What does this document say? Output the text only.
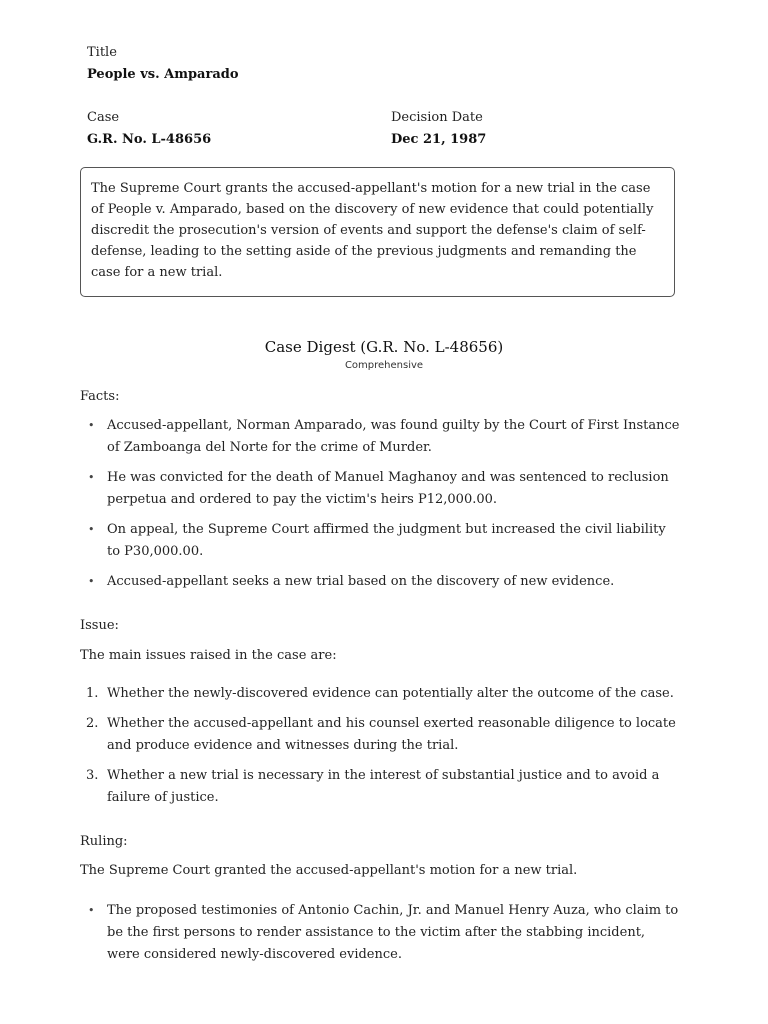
Title
People vs. Amparado
Case
G.R. No. L-48656
Decision Date
Dec 21, 1987
The Supreme Court grants the accused-appellant's motion for a new trial in the case of People v. Amparado, based on the discovery of new evidence that could potentially discredit the prosecution's version of events and support the defense's claim of self-defense, leading to the setting aside of the previous judgments and remanding the case for a new trial.
Case Digest (G.R. No. L-48656)
Comprehensive
Facts:
• Accused-appellant, Norman Amparado, was found guilty by the Court of First Instance of Zamboanga del Norte for the crime of Murder.
• He was convicted for the death of Manuel Maghanoy and was sentenced to reclusion perpetua and ordered to pay the victim's heirs P12,000.00.
• On appeal, the Supreme Court affirmed the judgment but increased the civil liability to P30,000.00.
• Accused-appellant seeks a new trial based on the discovery of new evidence.
Issue:
The main issues raised in the case are:
1. Whether the newly-discovered evidence can potentially alter the outcome of the case.
2. Whether the accused-appellant and his counsel exerted reasonable diligence to locate and produce evidence and witnesses during the trial.
3. Whether a new trial is necessary in the interest of substantial justice and to avoid a failure of justice.
Ruling:
The Supreme Court granted the accused-appellant's motion for a new trial.
• The proposed testimonies of Antonio Cachin, Jr. and Manuel Henry Auza, who claim to be the first persons to render assistance to the victim after the stabbing incident, were considered newly-discovered evidence.
